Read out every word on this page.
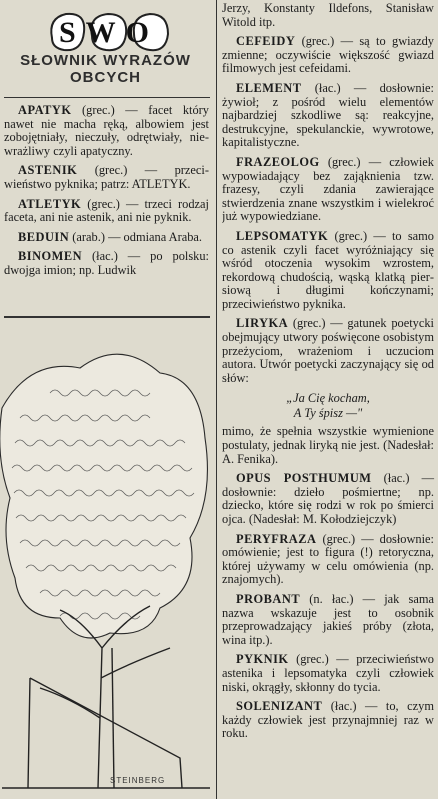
SWO
SŁOWNIK WYRAZÓW
OBCYCH
APATYK (grec.) — facet który nawet nie macha ręką, albowiem jest zobojętniały, nieczuły, odrętwiały, niewrażliwy czyli apatyczny.
ASTENIK (grec.) — przeciwieństwo pyknika; patrz: ATLETYK.
ATLETYK (grec.) — trzeci rodzaj faceta, ani nie astenik, ani nie pyknik.
BEDUIN (arab.) — odmiana Araba.
BINOMEN (łac.) — po polsku: dwojga imion; np. Ludwik
STEINBERG
Jerzy, Konstanty Ildefons, Stanisław Witold itp.
CEFEIDY (grec.) — są to gwiazdy zmienne; oczywiście większość gwiazd filmowych jest cefeidami.
ELEMENT (łac.) — dosłownie: żywioł; z pośród wielu elementów najbardziej szkodliwe są: reakcyjne, destrukcyjne, spekulanckie, wywrotowe, kapitalistyczne.
FRAZEOLOG (grec.) — człowiek wypowiadający bez zająknienia tzw. frazesy, czyli zdania zawierające stwierdzenia znane wszystkim i wielekroć już wypowiedziane.
LEPSOMATYK (grec.) — to samo co astenik czyli facet wyróżniający się wśród otoczenia wysokim wzrostem, rekordową chudością, wąską klatką piersiową i długimi kończynami; przeciwieństwo pyknika.
LIRYKA (grec.) — gatunek poetycki obejmujący utwory poświęcone osobistym przeżyciom, wrażeniom i uczuciom autora. Utwór poetycki zaczynający się od słów:
„Ja Cię kocham,
A Ty śpisz —"
mimo, że spełnia wszystkie wymienione postulaty, jednak liryką nie jest. (Nadesłał: A. Fenika).
OPUS POSTHUMUM (łac.) — dosłownie: dzieło pośmiertne; np. dziecko, które się rodzi w rok po śmierci ojca. (Nadesłał: M. Kołodziejczyk)
PERYFRAZA (grec.) — dosłownie: omówienie; jest to figura (!) retoryczna, której używamy w celu omówienia (np. znajomych).
PROBANT (n. łac.) — jak sama nazwa wskazuje jest to osobnik przeprowadzający jakieś próby (złota, wina itp.).
PYKNIK (grec.) — przeciwieństwo astenika i lepsomatyka czyli człowiek niski, okrągły, skłonny do tycia.
SOLENIZANT (łac.) — to, czym każdy człowiek jest przynajmniej raz w roku.
